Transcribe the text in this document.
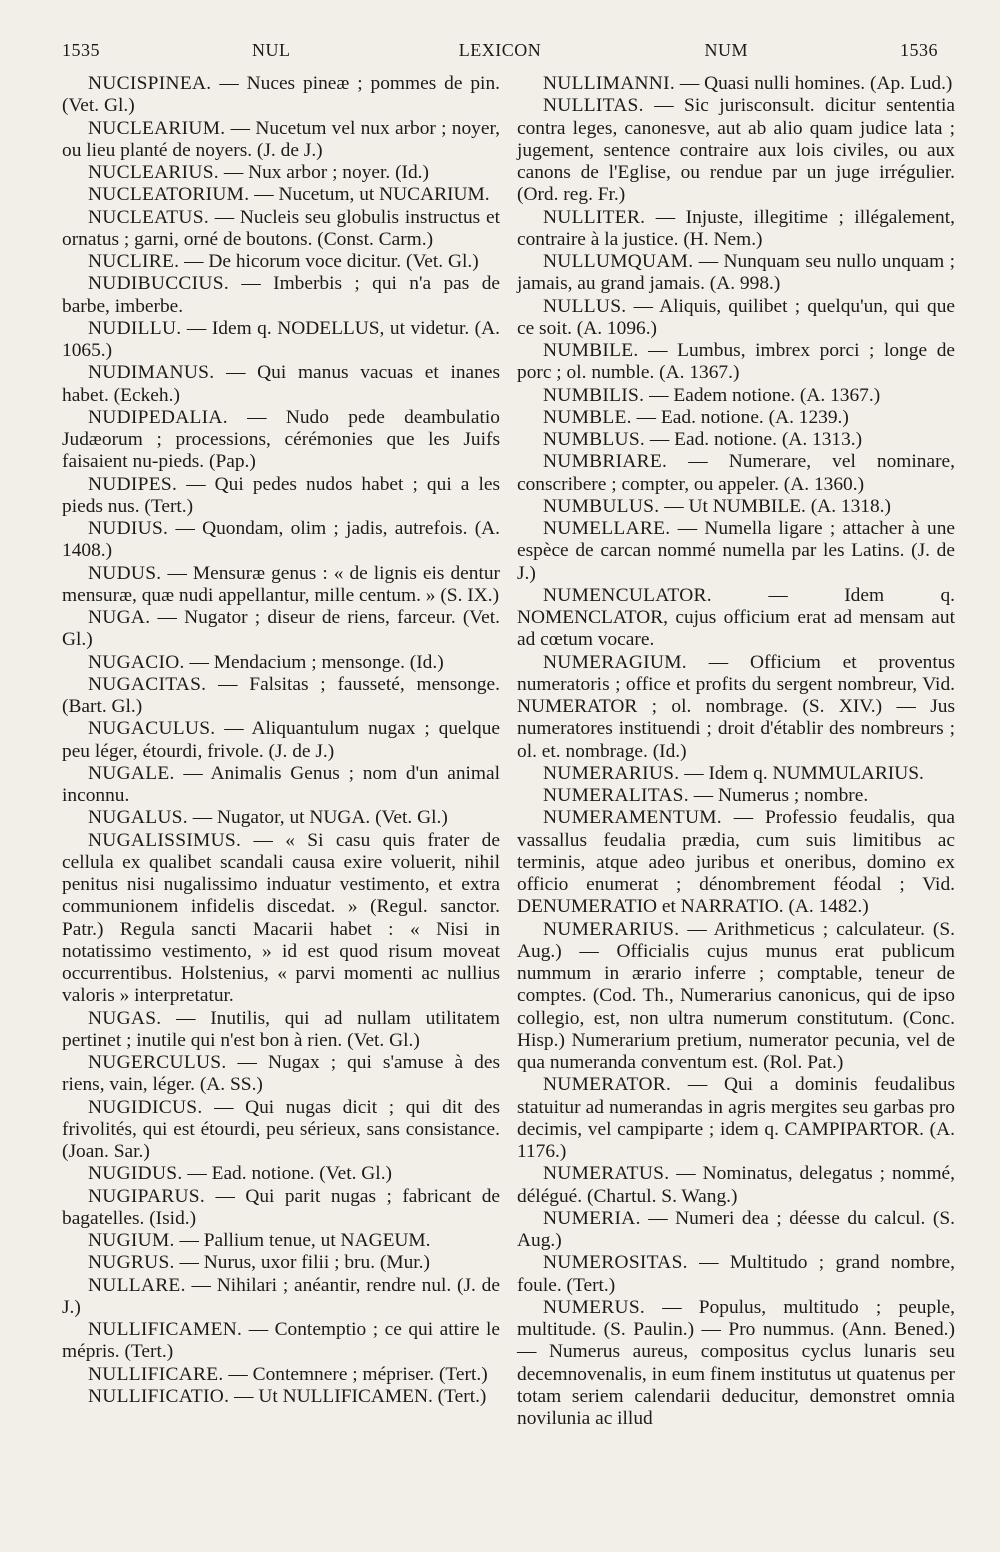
1535	NUL	LEXICON	NUM	1536

NUCISPINEA. — Nuces pineæ ; pommes de pin. (Vet. Gl.)

NUCLEARIUM. — Nucetum vel nux arbor ; noyer, ou lieu planté de noyers. (J. de J.)

NUCLEARIUS. — Nux arbor ; noyer. (Id.)

NUCLEATORIUM. — Nucetum, ut NUCARIUM.

NUCLEATUS. — Nucleis seu globulis instructus et ornatus ; garni, orné de boutons. (Const. Carm.)

NUCLIRE. — De hicorum voce dicitur. (Vet. Gl.)

NUDIBUCCIUS. — Imberbis ; qui n'a pas de barbe, imberbe.

NUDILLU. — Idem q. NODELLUS, ut videtur. (A. 1065.)

NUDIMANUS. — Qui manus vacuas et inanes habet. (Eckeh.)

NUDIPEDALIA. — Nudo pede deambulatio Judæorum ; processions, cérémonies que les Juifs faisaient nu-pieds. (Pap.)

NUDIPES. — Qui pedes nudos habet ; qui a les pieds nus. (Tert.)

NUDIUS. — Quondam, olim ; jadis, autrefois. (A. 1408.)

NUDUS. — Mensuræ genus : « de lignis eis dentur mensuræ, quæ nudi appellantur, mille centum. » (S. IX.)

NUGA. — Nugator ; diseur de riens, farceur. (Vet. Gl.)

NUGACIO. — Mendacium ; mensonge. (Id.)

NUGACITAS. — Falsitas ; fausseté, mensonge. (Bart. Gl.)

NUGACULUS. — Aliquantulum nugax ; quelque peu léger, étourdi, frivole. (J. de J.)

NUGALE. — Animalis Genus ; nom d'un animal inconnu.

NUGALUS. — Nugator, ut NUGA. (Vet. Gl.)

NUGALISSIMUS. — « Si casu quis frater de cellula ex qualibet scandali causa exire voluerit, nihil penitus nisi nugalissimo induatur vestimento, et extra communionem infidelis discedat. » (Regul. sanctor. Patr.) Regula sancti Macarii habet : « Nisi in notatissimo vestimento, » id est quod risum moveat occurrentibus. Holstenius, « parvi momenti ac nullius valoris » interpretatur.

NUGAS. — Inutilis, qui ad nullam utilitatem pertinet ; inutile qui n'est bon à rien. (Vet. Gl.)

NUGERCULUS. — Nugax ; qui s'amuse à des riens, vain, léger. (A. SS.)

NUGIDICUS. — Qui nugas dicit ; qui dit des frivolités, qui est étourdi, peu sérieux, sans consistance. (Joan. Sar.)

NUGIDUS. — Ead. notione. (Vet. Gl.)

NUGIPARUS. — Qui parit nugas ; fabricant de bagatelles. (Isid.)

NUGIUM. — Pallium tenue, ut NAGEUM.

NUGRUS. — Nurus, uxor filii ; bru. (Mur.)

NULLARE. — Nihilari ; anéantir, rendre nul. (J. de J.)

NULLIFICAMEN. — Contemptio ; ce qui attire le mépris. (Tert.)

NULLIFICARE. — Contemnere ; mépriser. (Tert.)

NULLIFICATIO. — Ut NULLIFICAMEN. (Tert.)

NULLIMANNI. — Quasi nulli homines. (Ap. Lud.)

NULLITAS. — Sic jurisconsult. dicitur sententia contra leges, canonesve, aut ab alio quam judice lata ; jugement, sentence contraire aux lois civiles, ou aux canons de l'Eglise, ou rendue par un juge irrégulier. (Ord. reg. Fr.)

NULLITER. — Injuste, illegitime ; illégalement, contraire à la justice. (H. Nem.)

NULLUMQUAM. — Nunquam seu nullo unquam ; jamais, au grand jamais. (A. 998.)

NULLUS. — Aliquis, quilibet ; quelqu'un, qui que ce soit. (A. 1096.)

NUMBILE. — Lumbus, imbrex porci ; longe de porc ; ol. numble. (A. 1367.)

NUMBILIS. — Eadem notione. (A. 1367.)

NUMBLE. — Ead. notione. (A. 1239.)

NUMBLUS. — Ead. notione. (A. 1313.)

NUMBRIARE. — Numerare, vel nominare, conscribere ; compter, ou appeler. (A. 1360.)

NUMBULUS. — Ut NUMBILE. (A. 1318.)

NUMELLARE. — Numella ligare ; attacher à une espèce de carcan nommé numella par les Latins. (J. de J.)

NUMENCULATOR. — Idem q. NOMENCLATOR, cujus officium erat ad mensam aut ad cœtum vocare.

NUMERAGIUM. — Officium et proventus numeratoris ; office et profits du sergent nombreur, Vid. NUMERATOR ; ol. nombrage. (S. XIV.) — Jus numeratores instituendi ; droit d'établir des nombreurs ; ol. et. nombrage. (Id.)

NUMERARIUS. — Idem q. NUMMULARIUS.

NUMERALITAS. — Numerus ; nombre.

NUMERAMENTUM. — Professio feudalis, qua vassallus feudalia prædia, cum suis limitibus ac terminis, atque adeo juribus et oneribus, domino ex officio enumerat ; dénombrement féodal ; Vid. DENUMERATIO et NARRATIO. (A. 1482.)

NUMERARIUS. — Arithmeticus ; calculateur. (S. Aug.) — Officialis cujus munus erat publicum nummum in ærario inferre ; comptable, teneur de comptes. (Cod. Th., Numerarius canonicus, qui de ipso collegio, est, non ultra numerum constitutum. (Conc. Hisp.) Numerarium pretium, numerator pecunia, vel de qua numeranda conventum est. (Rol. Pat.)

NUMERATOR. — Qui a dominis feudalibus statuitur ad numerandas in agris mergites seu garbas pro decimis, vel campiparte ; idem q. CAMPIPARTOR. (A. 1176.)

NUMERATUS. — Nominatus, delegatus ; nommé, délégué. (Chartul. S. Wang.)

NUMERIA. — Numeri dea ; déesse du calcul. (S. Aug.)

NUMEROSITAS. — Multitudo ; grand nombre, foule. (Tert.)

NUMERUS. — Populus, multitudo ; peuple, multitude. (S. Paulin.) — Pro nummus. (Ann. Bened.) — Numerus aureus, compositus cyclus lunaris seu decemnovenalis, in eum finem institutus ut quatenus per totam seriem calendarii deducitur, demonstret omnia novilunia ac illud
